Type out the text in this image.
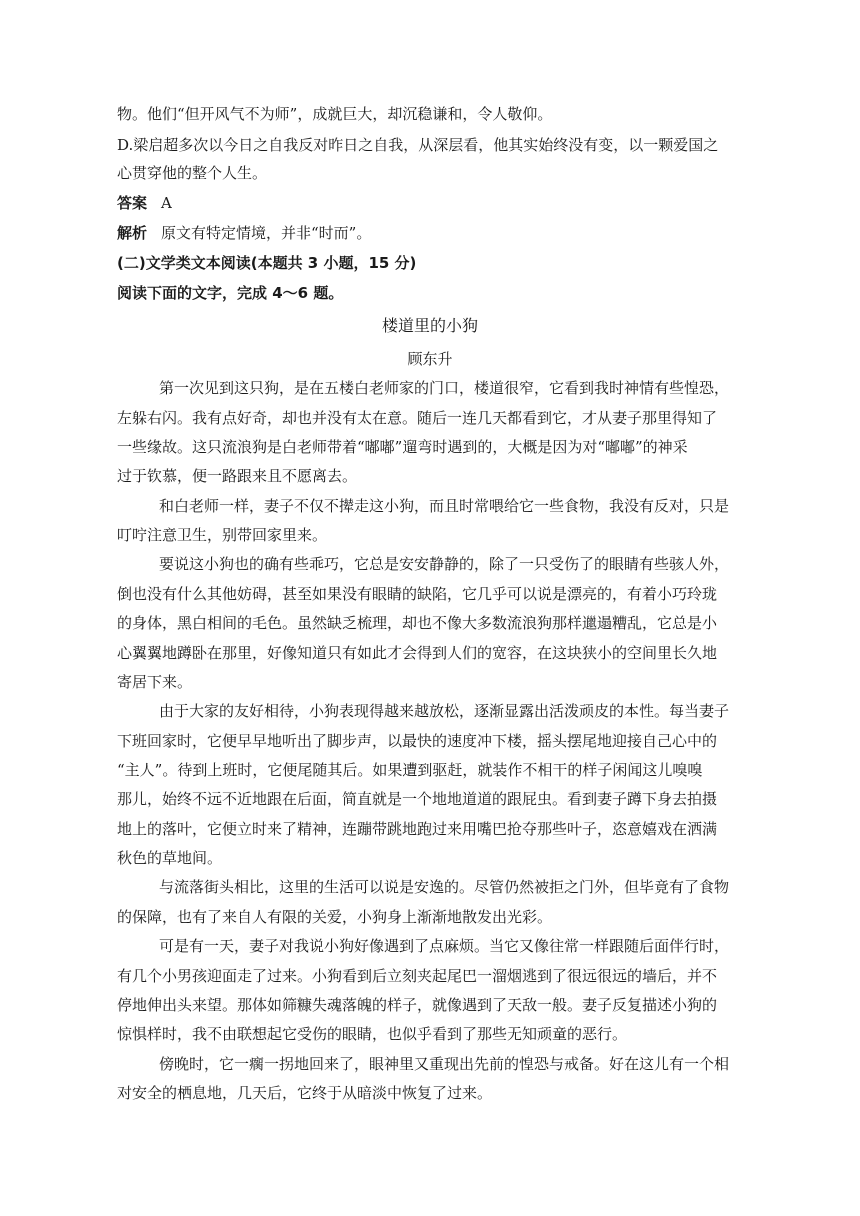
物。他们“但开风气不为师”，成就巨大，却沉稳谦和，令人敬仰。

D.梁启超多次以今日之自我反对昨日之自我，从深层看，他其实始终没有变，以一颗爱国之

心贯穿他的整个人生。

答案 A

解析 原文有特定情境，并非“时而”。

(二)文学类文本阅读(本题共 3 小题，15 分)

阅读下面的文字，完成 4～6 题。

楼道里的小狗

顾东升

第一次见到这只狗，是在五楼白老师家的门口，楼道很窄，它看到我时神情有些惶恐，

左躲右闪。我有点好奇，却也并没有太在意。随后一连几天都看到它，才从妻子那里得知了

一些缘故。这只流浪狗是白老师带着“嘟嘟”遛弯时遇到的，大概是因为对“嘟嘟”的神采

过于钦慕，便一路跟来且不愿离去。

和白老师一样，妻子不仅不撵走这小狗，而且时常喂给它一些食物，我没有反对，只是

叮咛注意卫生，别带回家里来。

要说这小狗也的确有些乖巧，它总是安安静静的，除了一只受伤了的眼睛有些骇人外，

倒也没有什么其他妨碍，甚至如果没有眼睛的缺陷，它几乎可以说是漂亮的，有着小巧玲珑

的身体，黑白相间的毛色。虽然缺乏梳理，却也不像大多数流浪狗那样邋遢糟乱，它总是小

心翼翼地蹲卧在那里，好像知道只有如此才会得到人们的宽容，在这块狭小的空间里长久地

寄居下来。

由于大家的友好相待，小狗表现得越来越放松，逐渐显露出活泼顽皮的本性。每当妻子

下班回家时，它便早早地听出了脚步声，以最快的速度冲下楼，摇头摆尾地迎接自己心中的

“主人”。待到上班时，它便尾随其后。如果遭到驱赶，就装作不相干的样子闲闻这儿嗅嗅

那儿，始终不远不近地跟在后面，简直就是一个地地道道的跟屁虫。看到妻子蹲下身去拍摄

地上的落叶，它便立时来了精神，连蹦带跳地跑过来用嘴巴抢夺那些叶子，恣意嬉戏在洒满

秋色的草地间。

与流落街头相比，这里的生活可以说是安逸的。尽管仍然被拒之门外，但毕竟有了食物

的保障，也有了来自人有限的关爱，小狗身上渐渐地散发出光彩。

可是有一天，妻子对我说小狗好像遇到了点麻烦。当它又像往常一样跟随后面伴行时，

有几个小男孩迎面走了过来。小狗看到后立刻夹起尾巴一溜烟逃到了很远很远的墙后，并不

停地伸出头来望。那体如筛糠失魂落魄的样子，就像遇到了天敌一般。妻子反复描述小狗的

惊惧样时，我不由联想起它受伤的眼睛，也似乎看到了那些无知顽童的恶行。

傍晚时，它一瘸一拐地回来了，眼神里又重现出先前的惶恐与戒备。好在这儿有一个相

对安全的栖息地，几天后，它终于从暗淡中恢复了过来。
